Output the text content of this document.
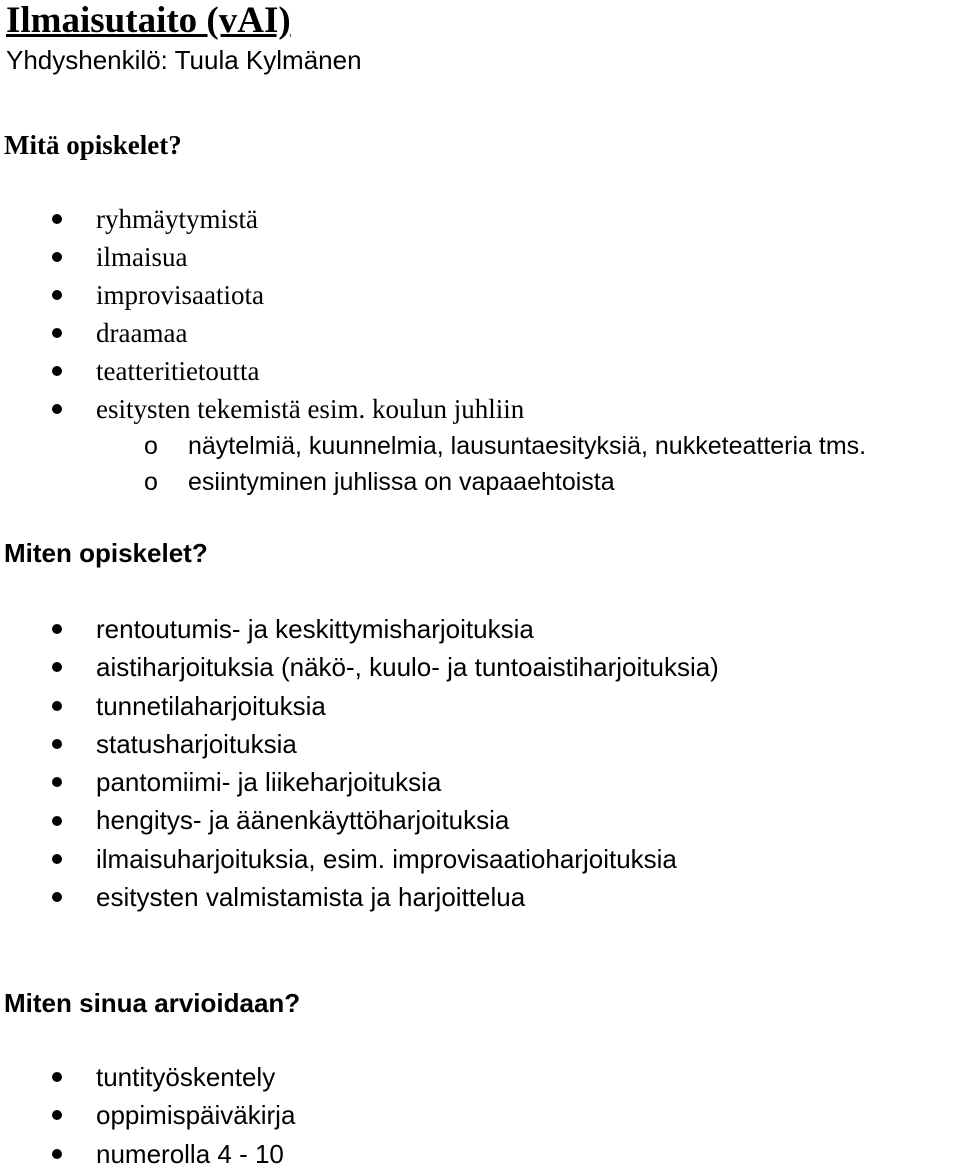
Ilmaisutaito (vAI)
Yhdyshenkilö: Tuula Kylmänen
Mitä opiskelet?
ryhmäytymistä
ilmaisua
improvisaatiota
draamaa
teatteritietoutta
esitysten tekemistä esim. koulun juhliin
o näytelmiä, kuunnelmia, lausuntaesityksiä, nukketeatteria tms.
o esiintyminen juhlissa on vapaaehtoista
Miten opiskelet?
rentoutumis- ja keskittymisharjoituksia
aistiharjoituksia (näkö-, kuulo- ja tuntoaistiharjoituksia)
tunnetilaharjoituksia
statusharjoituksia
pantomiimi- ja liikeharjoituksia
hengitys- ja äänenkäyttöharjoituksia
ilmaisuharjoituksia, esim. improvisaatioharjoituksia
esitysten valmistamista ja harjoittelua
Miten sinua arvioidaan?
tuntityöskentely
oppimispäiväkirja
numerolla 4 - 10
